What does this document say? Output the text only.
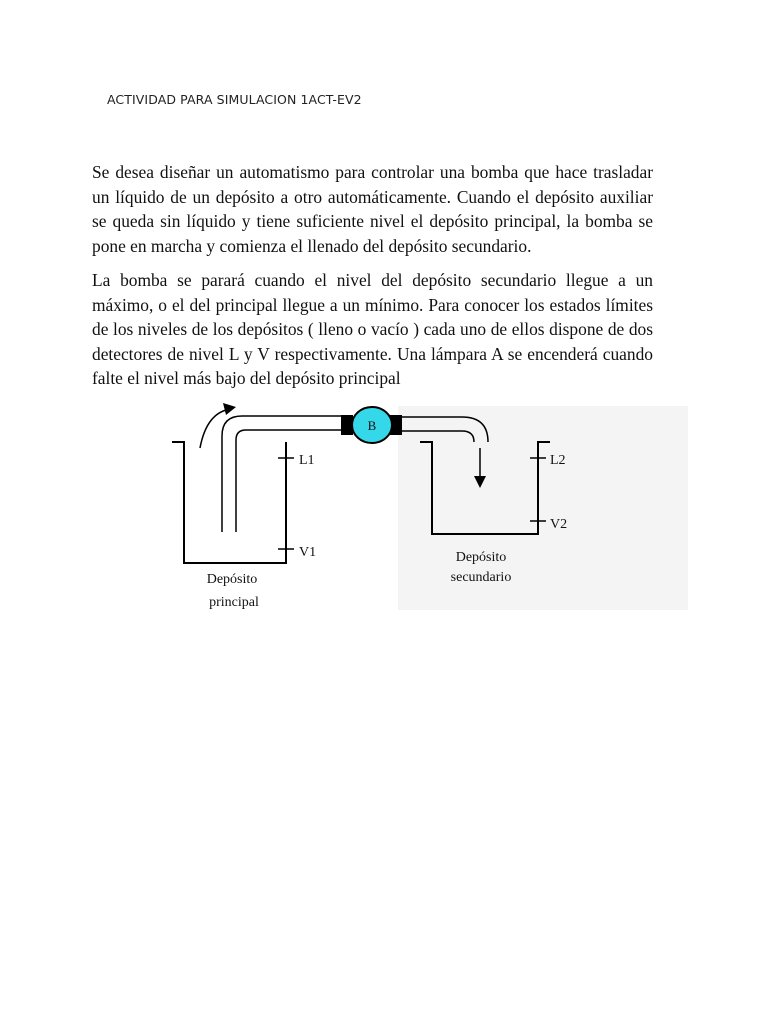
ACTIVIDAD PARA SIMULACION 1ACT-EV2

Se desea diseñar un automatismo para controlar una bomba que hace trasladar un líquido de un depósito a otro automáticamente. Cuando el depósito auxiliar se queda sin líquido y tiene suficiente nivel el depósito principal, la bomba se pone en marcha y comienza el llenado del depósito secundario.

La bomba se parará cuando el nivel del depósito secundario llegue a un máximo, o el del principal llegue a un mínimo. Para conocer los estados límites de los niveles de los depósitos ( lleno o vacío ) cada uno de ellos dispone de dos detectores de nivel L y V respectivamente. Una lámpara A se encenderá cuando falte el nivel más bajo del depósito principal

L1
V1
B
L2
V2
Depósito
principal
Depósito
secundario
